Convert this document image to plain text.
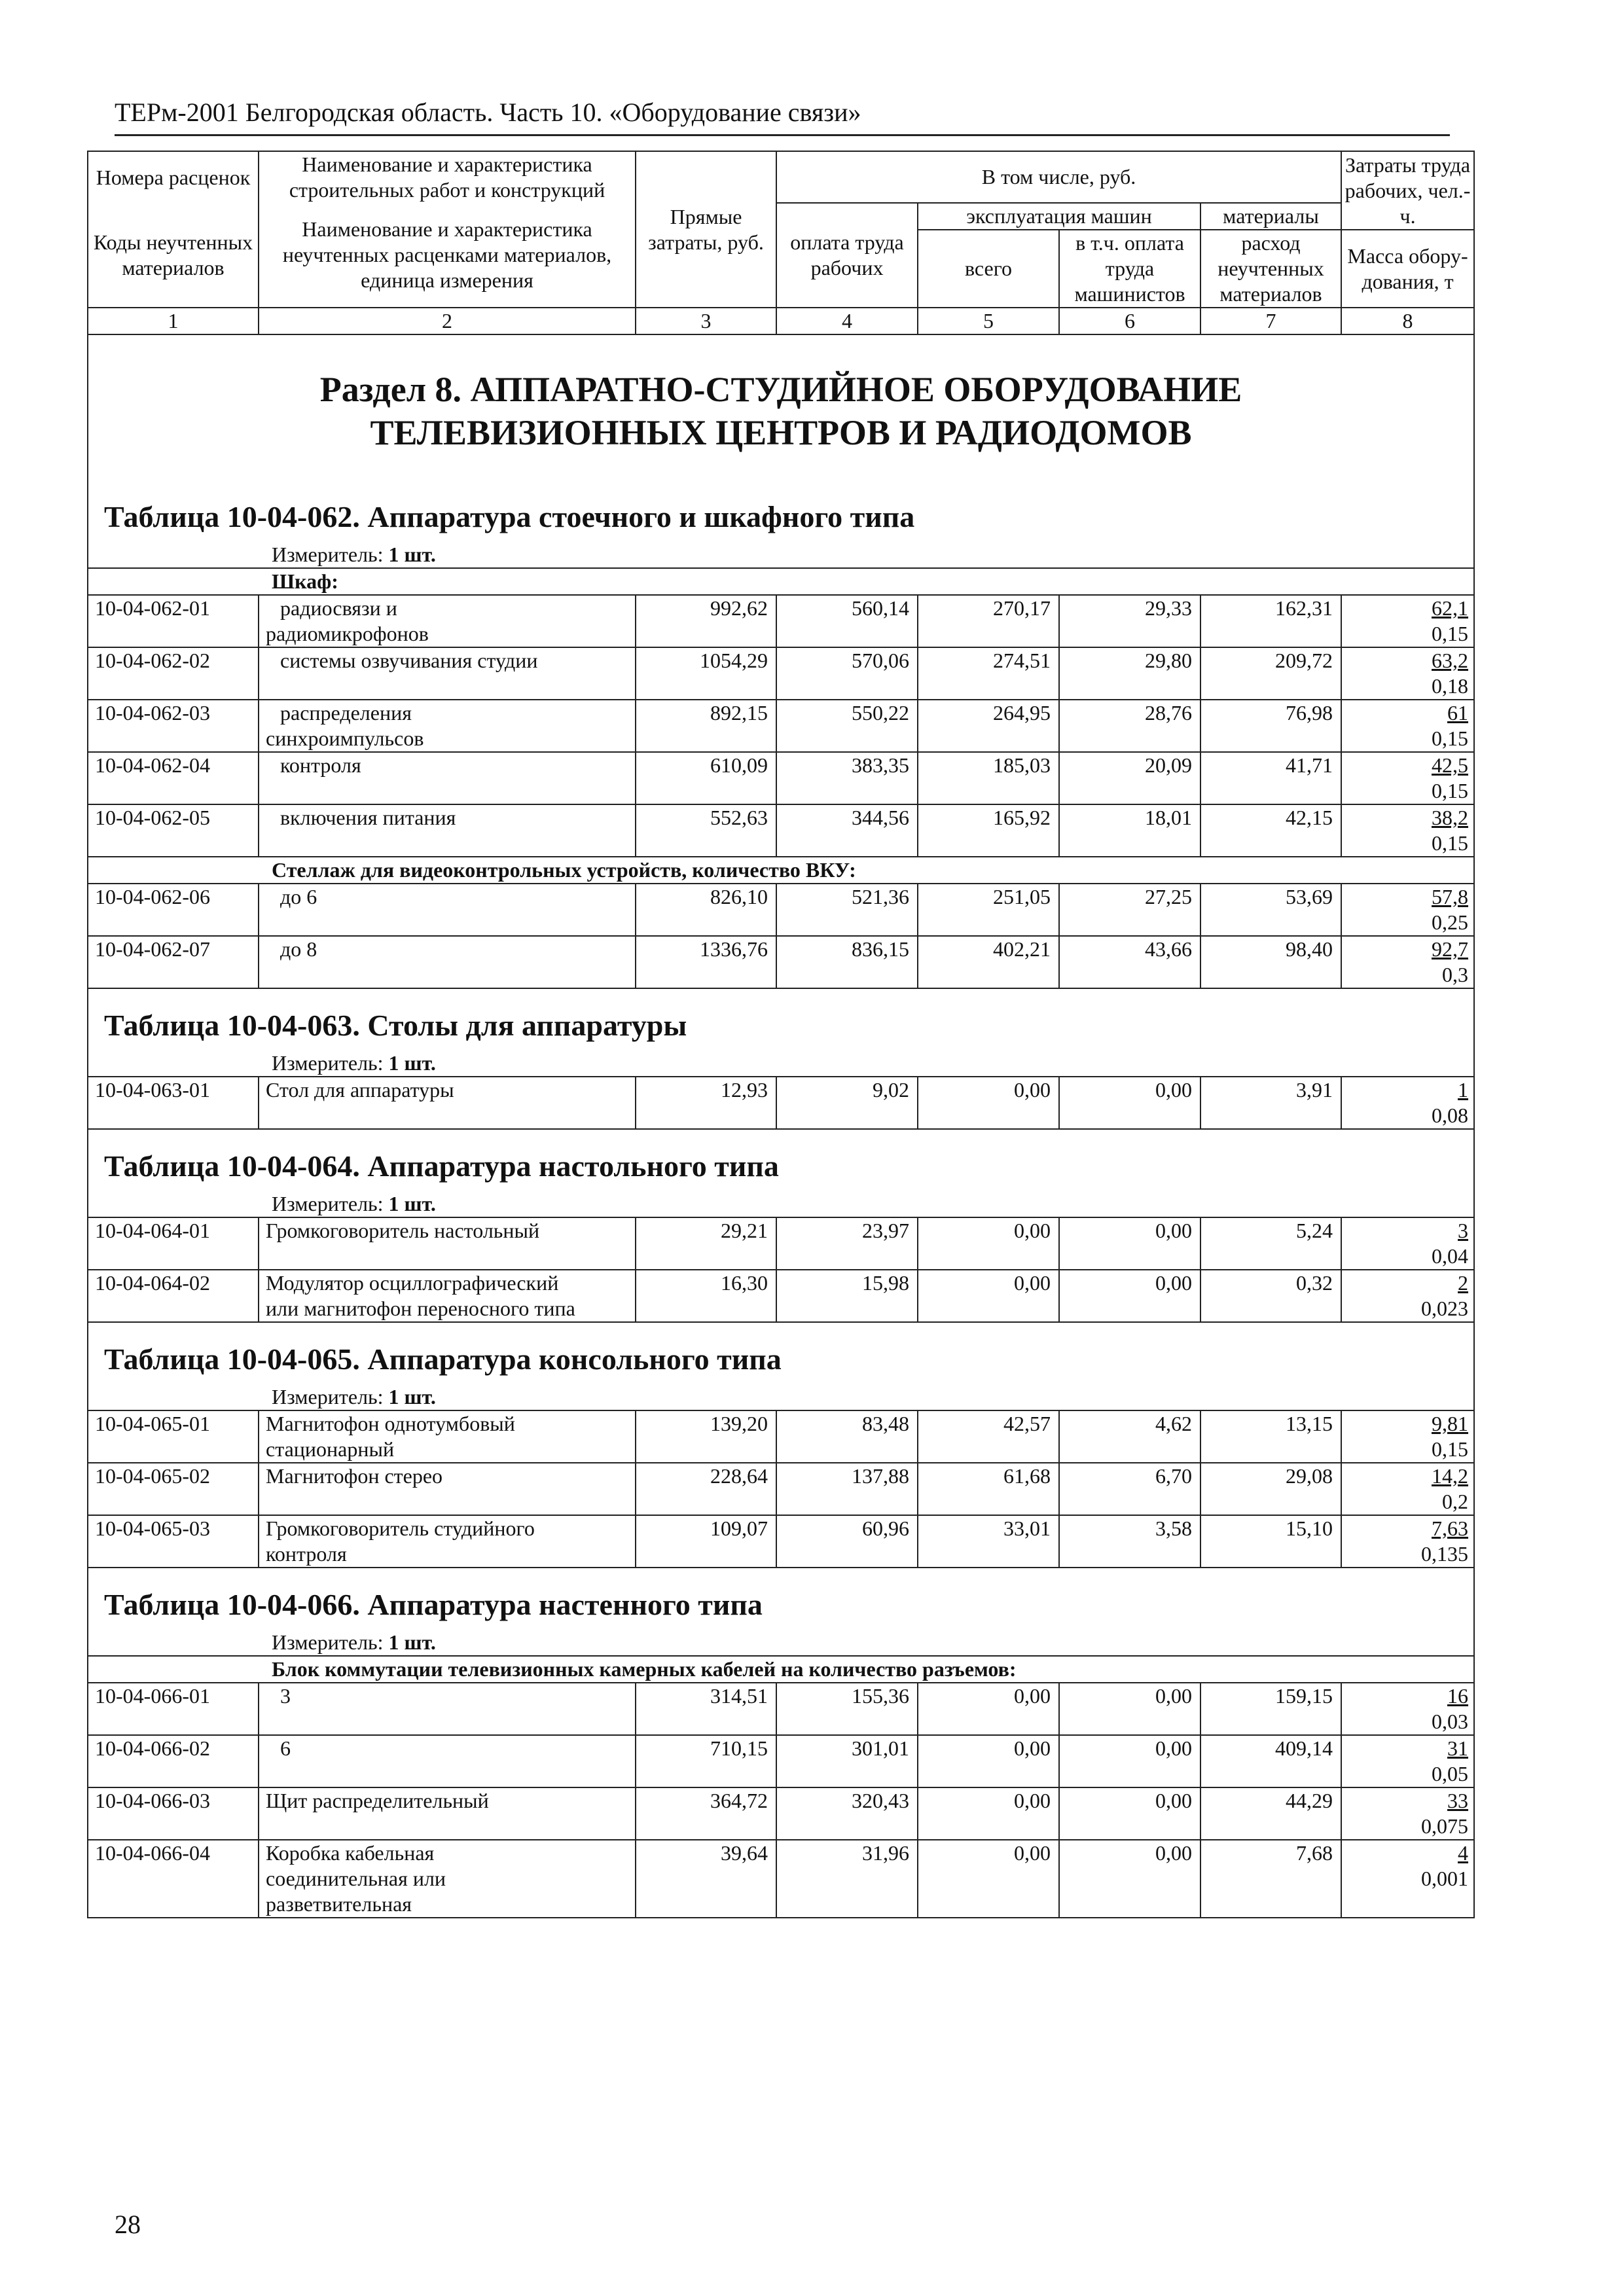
ТЕРм-2001 Белгородская область. Часть 10. «Оборудование связи»
Номера расценок	Наименование и характеристика строительных работ и конструкций	Прямые затраты, руб.	В том числе, руб.				Затраты труда рабочих, чел.-ч.
Коды неучтенных материалов	Наименование и характеристика неучтенных расценками материалов, единица измерения		оплата труда рабочих	эксплуатация машин		материалы	
				всего	в т.ч. оплата труда машинистов	расход неучтенных материалов	
							Масса обору-дования, т
1	2	3	4	5	6	7	8

Раздел 8. АППАРАТНО-СТУДИЙНОЕ ОБОРУДОВАНИЕ
ТЕЛЕВИЗИОННЫХ ЦЕНТРОВ И РАДИОДОМОВ							

Таблица 10-04-062. Аппаратура стоечного и шкафного типа							
Измеритель: 1 шт.							
Шкаф:							
10-04-062-01	радиосвязи и
радиомикрофонов	992,62	560,14	270,17	29,33	162,31	62,1
0,15
10-04-062-02	системы озвучивания студии	1054,29	570,06	274,51	29,80	209,72	63,2
0,18
10-04-062-03	распределения
синхроимпульсов	892,15	550,22	264,95	28,76	76,98	61
0,15
10-04-062-04	контроля	610,09	383,35	185,03	20,09	41,71	42,5
0,15
10-04-062-05	включения питания	552,63	344,56	165,92	18,01	42,15	38,2
0,15
Стеллаж для видеоконтрольных устройств, количество ВКУ:							
10-04-062-06	до 6	826,10	521,36	251,05	27,25	53,69	57,8
0,25
10-04-062-07	до 8	1336,76	836,15	402,21	43,66	98,40	92,7
0,3
Таблица 10-04-063. Столы для аппаратуры							
Измеритель: 1 шт.							
10-04-063-01	Стол для аппаратуры	12,93	9,02	0,00	0,00	3,91	1
0,08
Таблица 10-04-064. Аппаратура настольного типа							
Измеритель: 1 шт.							
10-04-064-01	Громкоговоритель настольный	29,21	23,97	0,00	0,00	5,24	3
0,04
10-04-064-02	Модулятор осциллографический
или магнитофон переносного типа	16,30	15,98	0,00	0,00	0,32	2
0,023
Таблица 10-04-065. Аппаратура консольного типа							
Измеритель: 1 шт.							
10-04-065-01	Магнитофон однотумбовый
стационарный	139,20	83,48	42,57	4,62	13,15	9,81
0,15
10-04-065-02	Магнитофон стерео	228,64	137,88	61,68	6,70	29,08	14,2
0,2
10-04-065-03	Громкоговоритель студийного
контроля	109,07	60,96	33,01	3,58	15,10	7,63
0,135
Таблица 10-04-066. Аппаратура настенного типа							
Измеритель: 1 шт.							
Блок коммутации телевизионных камерных кабелей на количество разъемов:							
10-04-066-01	3	314,51	155,36	0,00	0,00	159,15	16
0,03
10-04-066-02	6	710,15	301,01	0,00	0,00	409,14	31
0,05
10-04-066-03	Щит распределительный	364,72	320,43	0,00	0,00	44,29	33
0,075
10-04-066-04	Коробка кабельная
соединительная или
разветвительная	39,64	31,96	0,00	0,00	7,68	4
0,001
28
